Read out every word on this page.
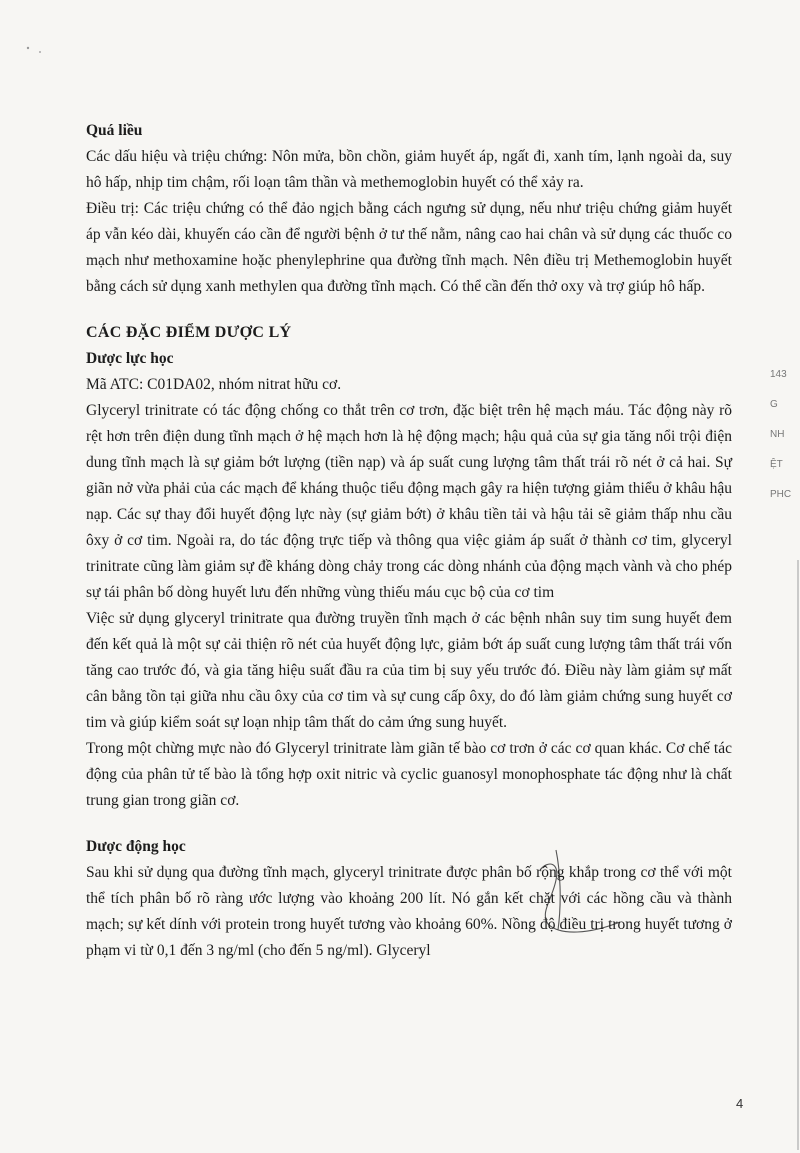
143
G
NH
ỆT
PHC
Quá liều

Các dấu hiệu và triệu chứng: Nôn mửa, bồn chồn, giảm huyết áp, ngất đi, xanh tím, lạnh ngoài da, suy hô hấp, nhịp tim chậm, rối loạn tâm thần và methemoglobin huyết có thể xảy ra.

Điều trị: Các triệu chứng có thể đảo ngịch bằng cách ngưng sử dụng, nếu như triệu chứng giảm huyết áp vẫn kéo dài, khuyến cáo cần để người bệnh ở tư thế nằm, nâng cao hai chân và sử dụng các thuốc co mạch như methoxamine hoặc phenylephrine qua đường tĩnh mạch. Nên điều trị Methemoglobin huyết bằng cách sử dụng xanh methylen qua đường tĩnh mạch. Có thể cần đến thở oxy và trợ giúp hô hấp.

CÁC ĐẶC ĐIỂM DƯỢC LÝ
Dược lực học

Mã ATC: C01DA02, nhóm nitrat hữu cơ.

Glyceryl trinitrate có tác động chống co thắt trên cơ trơn, đặc biệt trên hệ mạch máu. Tác động này rõ rệt hơn trên điện dung tĩnh mạch ở hệ mạch hơn là hệ động mạch; hậu quả của sự gia tăng nổi trội điện dung tĩnh mạch là sự giảm bớt lượng (tiền nạp) và áp suất cung lượng tâm thất trái rõ nét ở cả hai. Sự giãn nở vừa phải của các mạch để kháng thuộc tiểu động mạch gây ra hiện tượng giảm thiểu ở khâu hậu nạp. Các sự thay đổi huyết động lực này (sự giảm bớt) ở khâu tiền tải và hậu tải sẽ giảm thấp nhu cầu ôxy ở cơ tim. Ngoài ra, do tác động trực tiếp và thông qua việc giảm áp suất ở thành cơ tim, glyceryl trinitrate cũng làm giảm sự đề kháng dòng chảy trong các dòng nhánh của động mạch vành và cho phép sự tái phân bố dòng huyết lưu đến những vùng thiếu máu cục bộ của cơ tim

Việc sử dụng glyceryl trinitrate qua đường truyền tĩnh mạch ở các bệnh nhân suy tim sung huyết đem đến kết quả là một sự cải thiện rõ nét của huyết động lực, giảm bớt áp suất cung lượng tâm thất trái vốn tăng cao trước đó, và gia tăng hiệu suất đầu ra của tim bị suy yếu trước đó. Điều này làm giảm sự mất cân bằng tồn tại giữa nhu cầu ôxy của cơ tim và sự cung cấp ôxy, do đó làm giảm chứng sung huyết cơ tim và giúp kiểm soát sự loạn nhịp tâm thất do cảm ứng sung huyết.

Trong một chừng mực nào đó Glyceryl trinitrate làm giãn tế bào cơ trơn ở các cơ quan khác. Cơ chế tác động của phân tử tế bào là tổng hợp oxit nitric và cyclic guanosyl monophosphate tác động như là chất trung gian trong giãn cơ.

Dược động học

Sau khi sử dụng qua đường tĩnh mạch, glyceryl trinitrate được phân bố rộng khắp trong cơ thể với một thể tích phân bố rõ ràng ước lượng vào khoảng 200 lít. Nó gắn kết chặt với các hồng cầu và thành mạch; sự kết dính với protein trong huyết tương vào khoảng 60%. Nồng độ điều trị trong huyết tương ở phạm vi từ 0,1 đến 3 ng/ml (cho đến 5 ng/ml). Glyceryl

4
